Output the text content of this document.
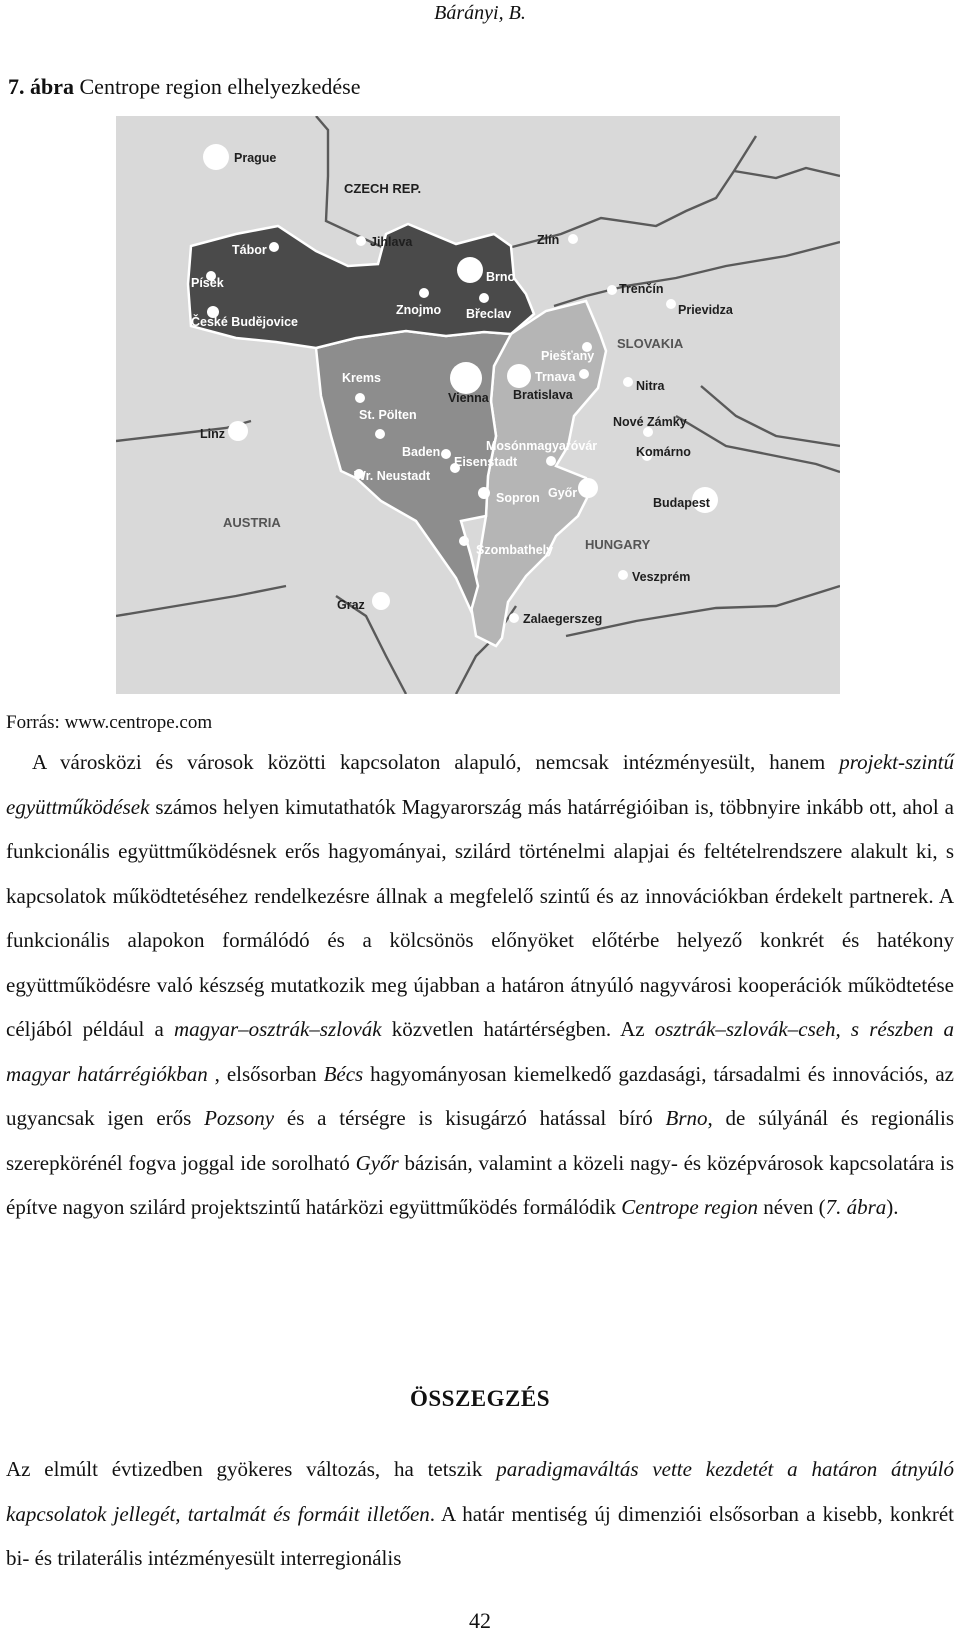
Bárányi, B.
7. ábra Centrope region elhelyezkedése
CZECH REP.
SLOVAKIA
AUSTRIA
HUNGARY
Prague
Tábor
Písek
České Budějovice
Jihlava
Brno
Zlín
Znojmo Břeclav
Trenčín
Prievidza
Piešťany
Trnava
Bratislava
Nitra
Nové Zámky
Komárno
Krems
St. Pölten
Vienna
Baden
Wr. Neustadt
Mosónmagyaróvár
Eisenstadt
Linz
Sopron Győr
Budapest
Szombathely
Veszprém
Graz
Zalaegerszeg
Forrás: www.centrope.com
A városközi és városok közötti kapcsolaton alapuló, nemcsak intézményesült, hanem projekt-szintű együttműködések számos helyen kimutathatók Magyarország más határrégióiban is, többnyire inkább ott, ahol a funkcionális együttműködésnek erős hagyományai, szilárd történelmi alapjai és feltételrendszere alakult ki, s kapcsolatok működtetéséhez rendelkezésre állnak a megfelelő szintű és az innovációkban érdekelt partnerek. A funkcionális alapokon formálódó és a kölcsönös előnyöket előtérbe helyező konkrét és hatékony együttműködésre való készség mutatkozik meg újabban a határon átnyúló nagyvárosi kooperációk működtetése céljából például a magyar–osztrák–szlovák közvetlen határtérségben. Az osztrák–szlovák–cseh, s részben a magyar határrégiókban , elsősorban Bécs hagyományosan kiemelkedő gazdasági, társadalmi és innovációs, az ugyancsak igen erős Pozsony és a térségre is kisugárzó hatással bíró Brno, de súlyánál és regionális szerepkörénél fogva joggal ide sorolható Győr bázisán, valamint a közeli nagy- és középvárosok kapcsolatára is építve nagyon szilárd projektszintű határközi együttműködés formálódik Centrope region néven (7. ábra).
ÖSSZEGZÉS
Az elmúlt évtizedben gyökeres változás, ha tetszik paradigmaváltás vette kezdetét a határon átnyúló kapcsolatok jellegét, tartalmát és formáit illetően. A határ mentiség új dimenziói elsősorban a kisebb, konkrét bi- és trilaterális intézményesült interregionális
42
